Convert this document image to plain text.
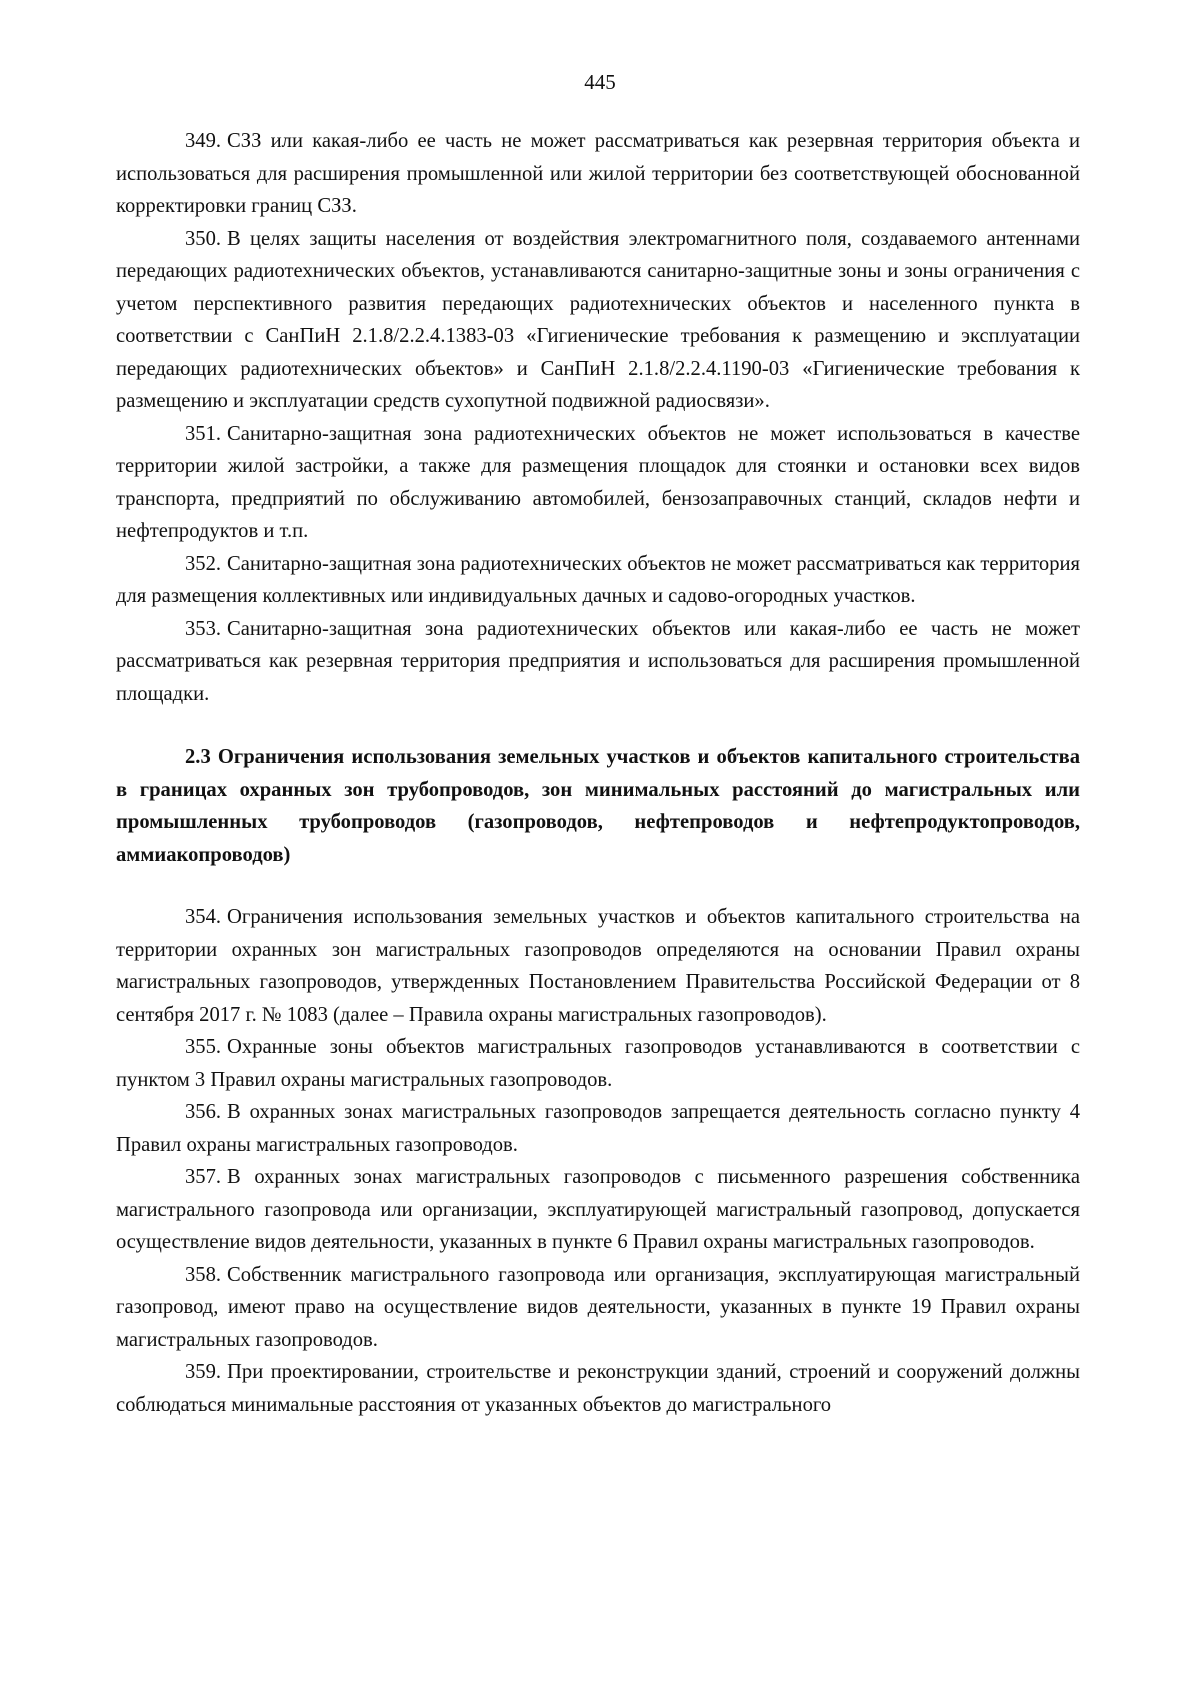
445

349. СЗЗ или какая-либо ее часть не может рассматриваться как резервная территория объекта и использоваться для расширения промышленной или жилой территории без соответствующей обоснованной корректировки границ СЗЗ.

350. В целях защиты населения от воздействия электромагнитного поля, создаваемого антеннами передающих радиотехнических объектов, устанавливаются санитарно-защитные зоны и зоны ограничения с учетом перспективного развития передающих радиотехнических объектов и населенного пункта в соответствии с СанПиН 2.1.8/2.2.4.1383-03 «Гигиенические требования к размещению и эксплуатации передающих радиотехнических объектов» и СанПиН 2.1.8/2.2.4.1190-03 «Гигиенические требования к размещению и эксплуатации средств сухопутной подвижной радиосвязи».

351. Санитарно-защитная зона радиотехнических объектов не может использоваться в качестве территории жилой застройки, а также для размещения площадок для стоянки и остановки всех видов транспорта, предприятий по обслуживанию автомобилей, бензозаправочных станций, складов нефти и нефтепродуктов и т.п.

352. Санитарно-защитная зона радиотехнических объектов не может рассматриваться как территория для размещения коллективных или индивидуальных дачных и садово-огородных участков.

353. Санитарно-защитная зона радиотехнических объектов или какая-либо ее часть не может рассматриваться как резервная территория предприятия и использоваться для расширения промышленной площадки.

2.3 Ограничения использования земельных участков и объектов капитального строительства в границах охранных зон трубопроводов, зон минимальных расстояний до магистральных или промышленных трубопроводов (газопроводов, нефтепроводов и нефтепродуктопроводов, аммиакопроводов)

354. Ограничения использования земельных участков и объектов капитального строительства на территории охранных зон магистральных газопроводов определяются на основании Правил охраны магистральных газопроводов, утвержденных Постановлением Правительства Российской Федерации от 8 сентября 2017 г. № 1083 (далее – Правила охраны магистральных газопроводов).

355. Охранные зоны объектов магистральных газопроводов устанавливаются в соответствии с пунктом 3 Правил охраны магистральных газопроводов.

356. В охранных зонах магистральных газопроводов запрещается деятельность согласно пункту 4 Правил охраны магистральных газопроводов.

357. В охранных зонах магистральных газопроводов с письменного разрешения собственника магистрального газопровода или организации, эксплуатирующей магистральный газопровод, допускается осуществление видов деятельности, указанных в пункте 6 Правил охраны магистральных газопроводов.

358. Собственник магистрального газопровода или организация, эксплуатирующая магистральный газопровод, имеют право на осуществление видов деятельности, указанных в пункте 19 Правил охраны магистральных газопроводов.

359. При проектировании, строительстве и реконструкции зданий, строений и сооружений должны соблюдаться минимальные расстояния от указанных объектов до магистрального
